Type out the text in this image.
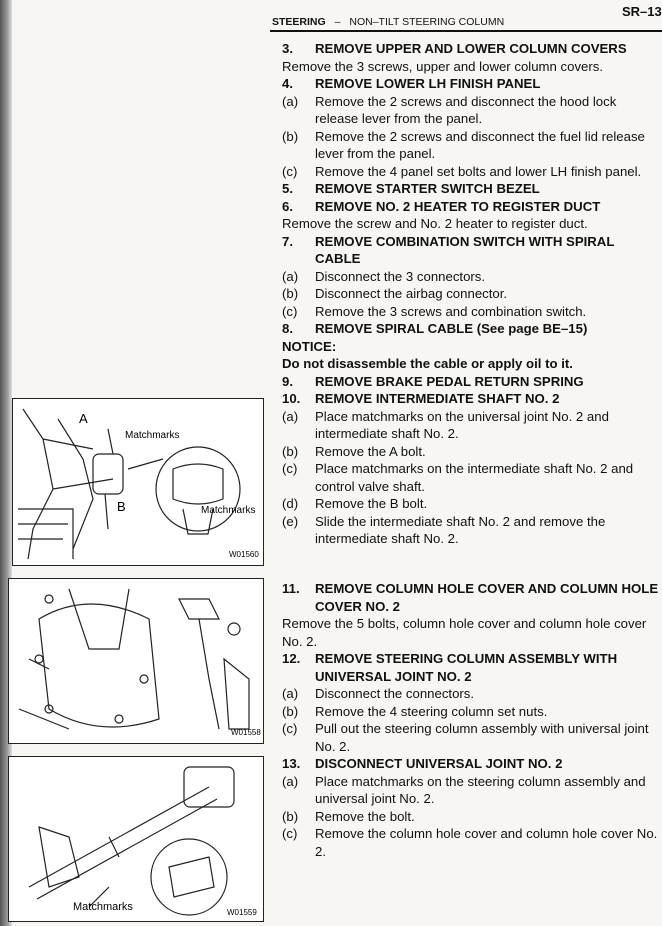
SR–13
STEERING – NON–TILT STEERING COLUMN
3.	REMOVE UPPER AND LOWER COLUMN COVERS
Remove the 3 screws, upper and lower column covers.
4.	REMOVE LOWER LH FINISH PANEL
(a)	Remove the 2 screws and disconnect the hood lock release lever from the panel.
(b)	Remove the 2 screws and disconnect the fuel lid release lever from the panel.
(c)	Remove the 4 panel set bolts and lower LH finish panel.
5.	REMOVE STARTER SWITCH BEZEL
6.	REMOVE NO. 2 HEATER TO REGISTER DUCT
Remove the screw and No. 2 heater to register duct.
7.	REMOVE COMBINATION SWITCH WITH SPIRAL CABLE
(a)	Disconnect the 3 connectors.
(b)	Disconnect the airbag connector.
(c)	Remove the 3 screws and combination switch.
8.	REMOVE SPIRAL CABLE (See page BE–15)
NOTICE:
Do not disassemble the cable or apply oil to it.
9.	REMOVE BRAKE PEDAL RETURN SPRING
10.	REMOVE INTERMEDIATE SHAFT NO. 2
(a)	Place matchmarks on the universal joint No. 2 and intermediate shaft No. 2.
(b)	Remove the A bolt.
(c)	Place matchmarks on the intermediate shaft No. 2 and control valve shaft.
(d)	Remove the B bolt.
(e)	Slide the intermediate shaft No. 2 and remove the intermediate shaft No. 2.
11.	REMOVE COLUMN HOLE COVER AND COLUMN HOLE COVER NO. 2
Remove the 5 bolts, column hole cover and column hole cover No. 2.
12.	REMOVE STEERING COLUMN ASSEMBLY WITH UNIVERSAL JOINT NO. 2
(a)	Disconnect the connectors.
(b)	Remove the 4 steering column set nuts.
(c)	Pull out the steering column assembly with universal joint No. 2.
13.	DISCONNECT UNIVERSAL JOINT NO. 2
(a)	Place matchmarks on the steering column assembly and universal joint No. 2.
(b)	Remove the bolt.
(c)	Remove the column hole cover and column hole cover No. 2.
A
B
Matchmarks
Matchmarks
W01560
W01558
Matchmarks	W01559
